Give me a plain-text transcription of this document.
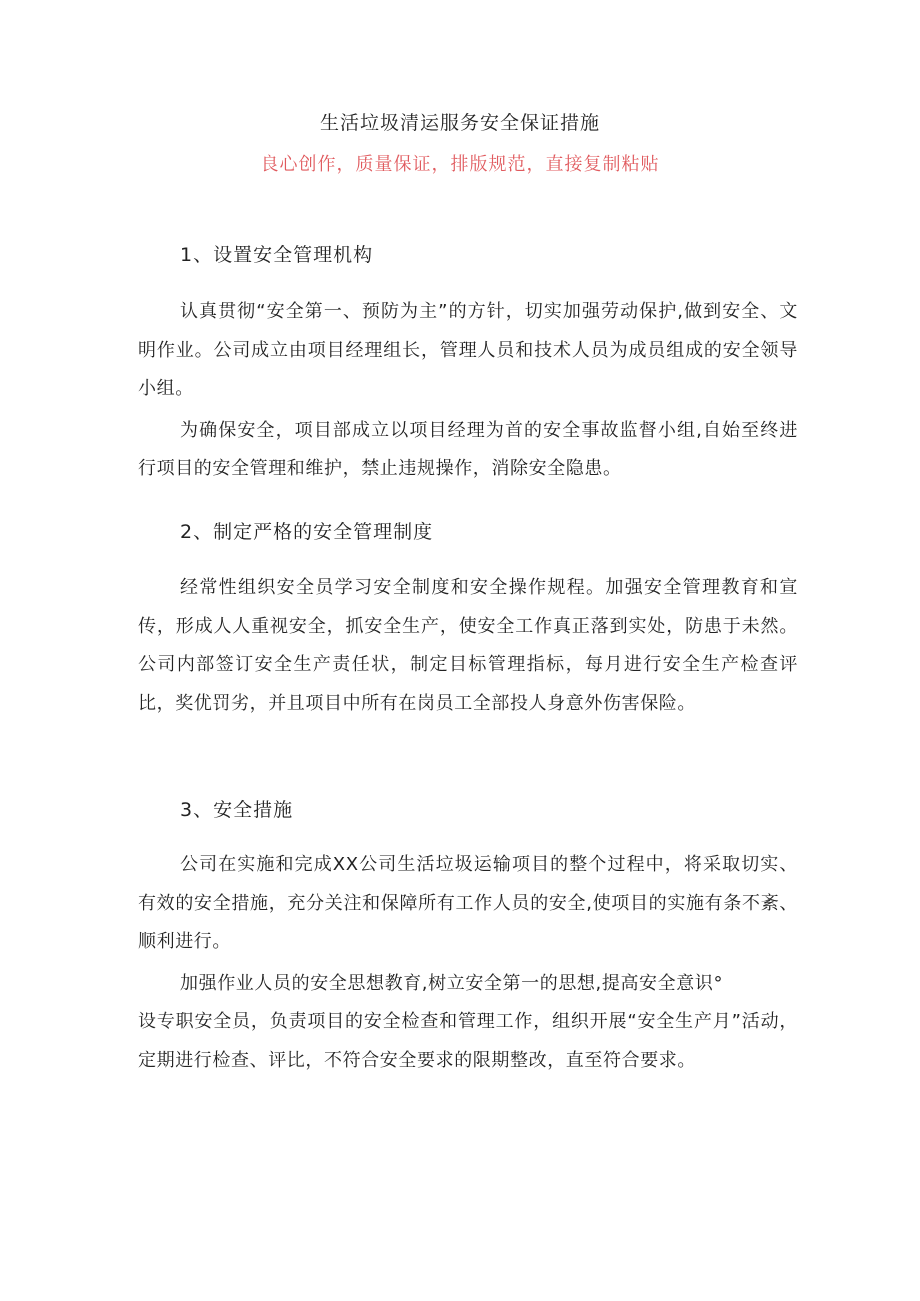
生活垃圾清运服务安全保证措施
良心创作，质量保证，排版规范，直接复制粘贴
1、设置安全管理机构

认真贯彻“安全第一、预防为主”的方针，切实加强劳动保护,做到安全、文明作业。公司成立由项目经理组长，管理人员和技术人员为成员组成的安全领导小组。

为确保安全，项目部成立以项目经理为首的安全事故监督小组,自始至终进行项目的安全管理和维护，禁止违规操作，消除安全隐患。

2、制定严格的安全管理制度

经常性组织安全员学习安全制度和安全操作规程。加强安全管理教育和宣传，形成人人重视安全，抓安全生产，使安全工作真正落到实处，防患于未然。公司内部签订安全生产责任状，制定目标管理指标，每月进行安全生产检查评比，奖优罚劣，并且项目中所有在岗员工全部投人身意外伤害保险。

3、安全措施

公司在实施和完成XX公司生活垃圾运输项目的整个过程中，将采取切实、有效的安全措施，充分关注和保障所有工作人员的安全,使项目的实施有条不紊、顺利进行。

加强作业人员的安全思想教育,树立安全第一的思想,提高安全意识°

设专职安全员，负责项目的安全检查和管理工作，组织开展“安全生产月”活动，定期进行检查、评比，不符合安全要求的限期整改，直至符合要求。
